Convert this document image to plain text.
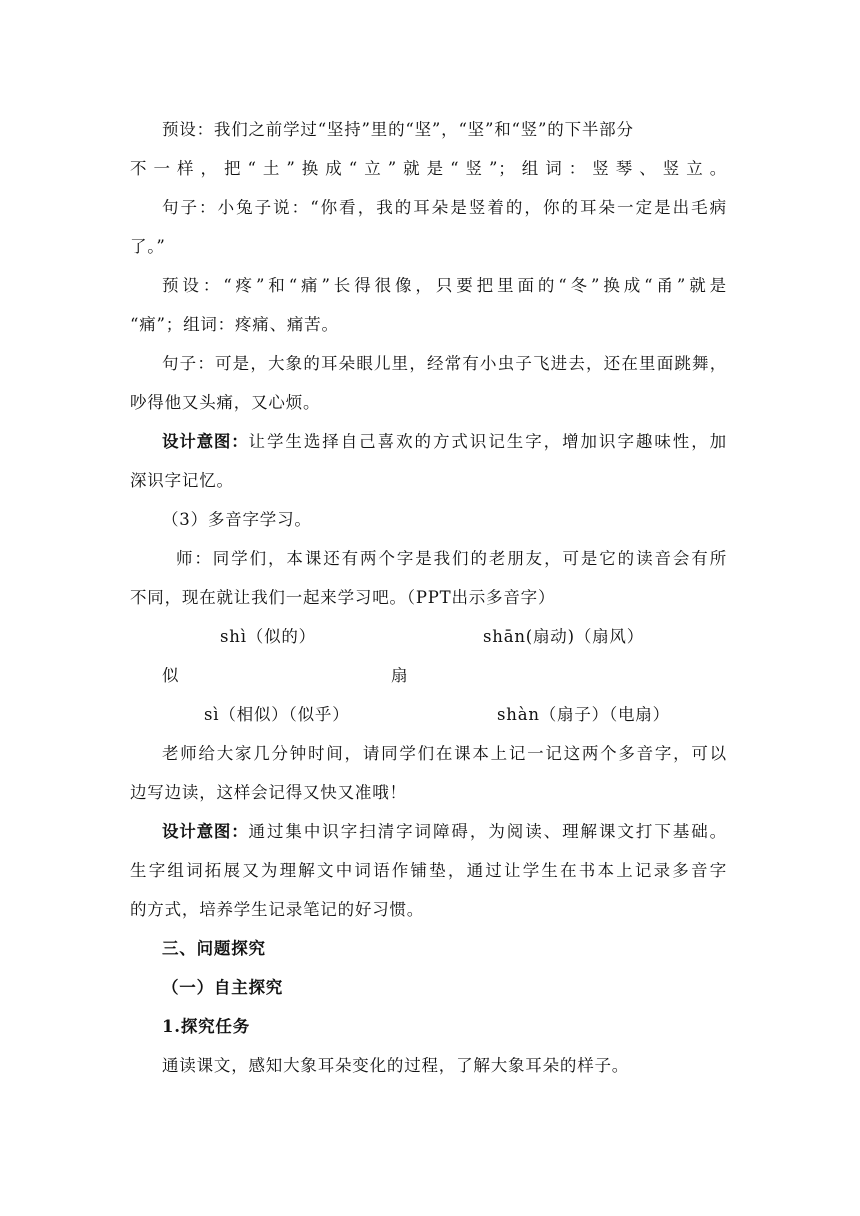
预设：我们之前学过“坚持”里的“坚”，“坚”和“竖”的下半部分
不一样，把“土”换成“立”就是“竖”；组词：竖琴、竖立。
句子：小兔子说：“你看，我的耳朵是竖着的，你的耳朵一定是出毛病
了。”
预设：“疼”和“痛”长得很像，只要把里面的“冬”换成“甬”就是
“痛”；组词：疼痛、痛苦。
句子：可是，大象的耳朵眼儿里，经常有小虫子飞进去，还在里面跳舞，
吵得他又头痛，又心烦。
设计意图： 让学生选择自己喜欢的方式识记生字，增加识字趣味性，加
深识字记忆。
（3）多音字学习。
师：同学们，本课还有两个字是我们的老朋友，可是它的读音会有所
不同，现在就让我们一起来学习吧。（PPT出示多音字）
shì（似的）	shān(扇动)（扇风）
似	扇
sì（相似）（似乎）	shàn（扇子）（电扇）
老师给大家几分钟时间，请同学们在课本上记一记这两个多音字，可以
边写边读，这样会记得又快又准哦！
设计意图： 通过集中识字扫清字词障碍，为阅读、理解课文打下基础。
生字组词拓展又为理解文中词语作铺垫，通过让学生在书本上记录多音字
的方式，培养学生记录笔记的好习惯。
三、问题探究
（一）自主探究
1.探究任务
通读课文，感知大象耳朵变化的过程，了解大象耳朵的样子。
